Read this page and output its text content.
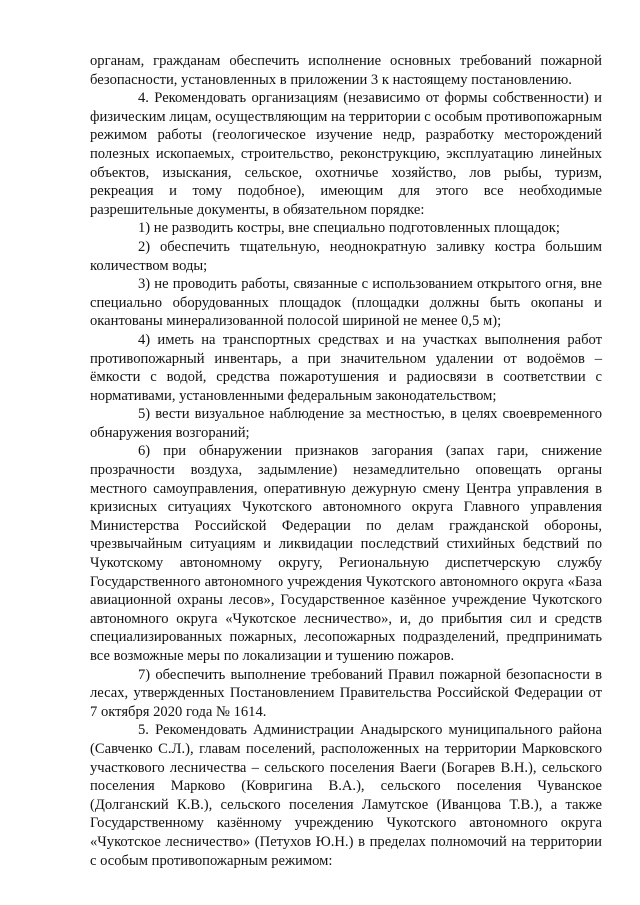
органам, гражданам обеспечить исполнение основных требований пожарной безопасности, установленных в приложении 3 к настоящему постановлению.

4. Рекомендовать организациям (независимо от формы собственности) и физическим лицам, осуществляющим на территории с особым противопожарным режимом работы (геологическое изучение недр, разработку месторождений полезных ископаемых, строительство, реконструкцию, эксплуатацию линейных объектов, изыскания, сельское, охотничье хозяйство, лов рыбы, туризм, рекреация и тому подобное), имеющим для этого все необходимые разрешительные документы, в обязательном порядке:

1) не разводить костры, вне специально подготовленных площадок;

2) обеспечить тщательную, неоднократную заливку костра большим количеством воды;

3) не проводить работы, связанные с использованием открытого огня, вне специально оборудованных площадок (площадки должны быть окопаны и окантованы минерализованной полосой шириной не менее 0,5 м);

4) иметь на транспортных средствах и на участках выполнения работ противопожарный инвентарь, а при значительном удалении от водоёмов – ёмкости с водой, средства пожаротушения и радиосвязи в соответствии с нормативами, установленными федеральным законодательством;

5) вести визуальное наблюдение за местностью, в целях своевременного обнаружения возгораний;

6) при обнаружении признаков загорания (запах гари, снижение прозрачности воздуха, задымление) незамедлительно оповещать органы местного самоуправления, оперативную дежурную смену Центра управления в кризисных ситуациях Чукотского автономного округа Главного управления Министерства Российской Федерации по делам гражданской обороны, чрезвычайным ситуациям и ликвидации последствий стихийных бедствий по Чукотскому автономному округу, Региональную диспетчерскую службу Государственного автономного учреждения Чукотского автономного округа «База авиационной охраны лесов», Государственное казённое учреждение Чукотского автономного округа «Чукотское лесничество», и, до прибытия сил и средств специализированных пожарных, лесопожарных подразделений, предпринимать все возможные меры по локализации и тушению пожаров.

7) обеспечить выполнение требований Правил пожарной безопасности в лесах, утвержденных Постановлением Правительства Российской Федерации от 7 октября 2020 года № 1614.

5. Рекомендовать Администрации Анадырского муниципального района (Савченко С.Л.), главам поселений, расположенных на территории Марковского участкового лесничества – сельского поселения Ваеги (Богарев В.Н.), сельского поселения Марково (Ковригина В.А.), сельского поселения Чуванское (Долганский К.В.), сельского поселения Ламутское (Иванцова Т.В.), а также Государственному казённому учреждению Чукотского автономного округа «Чукотское лесничество» (Петухов Ю.Н.) в пределах полномочий на территории с особым противопожарным режимом:
